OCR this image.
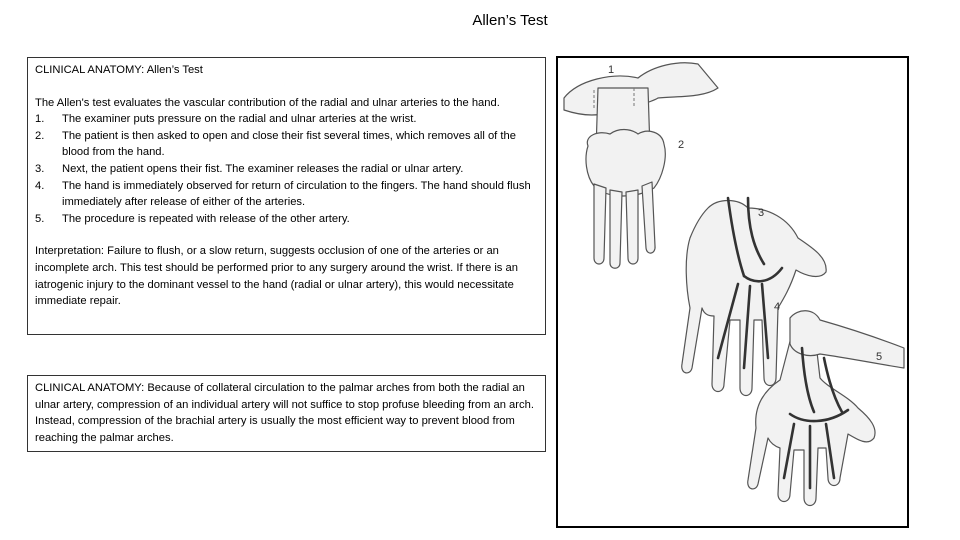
Allen’s Test

CLINICAL ANATOMY: Allen’s Test

The Allen's test evaluates the vascular contribution of the radial and ulnar arteries to the hand.

1.	The examiner puts pressure on the radial and ulnar arteries at the wrist.
2.	The patient is then asked to open and close their fist several times, which removes all of the blood from the hand.
3.	Next, the patient opens their fist. The examiner releases the radial or ulnar artery.
4.	The hand is immediately observed for return of circulation to the fingers. The hand should flush immediately after release of either of the arteries.
5.	The procedure is repeated with release of the other artery.

Interpretation: Failure to flush, or a slow return, suggests occlusion of one of the arteries or an incomplete arch. This test should be performed prior to any surgery around the wrist. If there is an iatrogenic injury to the dominant vessel to the hand (radial or ulnar artery), this would necessitate immediate repair.

CLINICAL ANATOMY: Because of collateral circulation to the palmar arches from both the radial an ulnar artery, compression of an individual artery will not suffice to stop profuse bleeding from an arch. Instead, compression of the brachial artery is usually the most efficient way to prevent blood from reaching the palmar arches.

1
2
3
4
5
